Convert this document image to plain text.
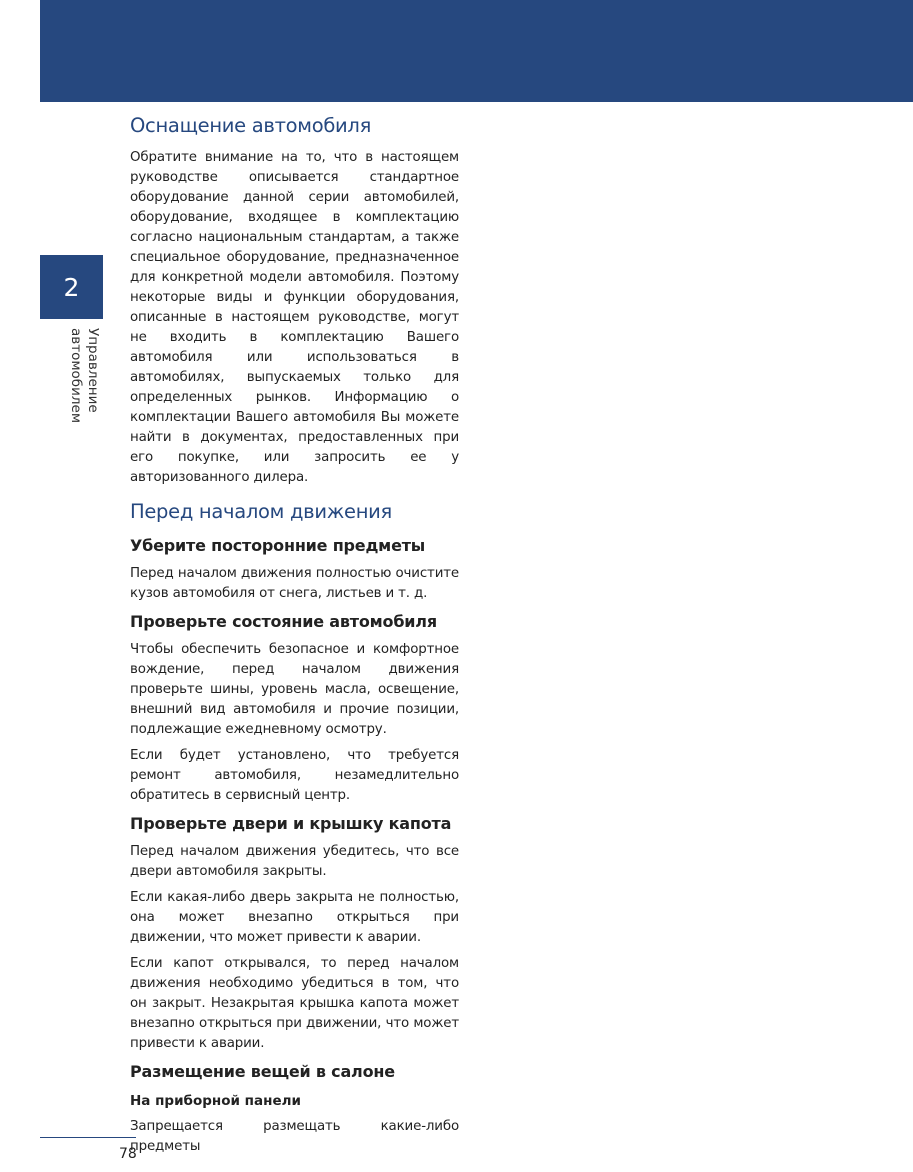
2
Управление
автомобилем
Оснащение автомобиля

Обратите внимание на то, что в настоящем руководстве описывается стандартное оборудование данной серии автомобилей, оборудование, входящее в комплектацию согласно национальным стандартам, а также специальное оборудование, предназначенное для конкретной модели автомобиля. Поэтому некоторые виды и функции оборудования, описанные в настоящем руководстве, могут не входить в комплектацию Вашего автомобиля или использоваться в автомобилях, выпускаемых только для определенных рынков. Информацию о комплектации Вашего автомобиля Вы можете найти в документах, предоставленных при его покупке, или запросить ее у авторизованного дилера.

Перед началом движения
Уберите посторонние предметы

Перед началом движения полностью очистите кузов автомобиля от снега, листьев и т. д.

Проверьте состояние автомобиля

Чтобы обеспечить безопасное и комфортное вождение, перед началом движения проверьте шины, уровень масла, освещение, внешний вид автомобиля и прочие позиции, подлежащие ежедневному осмотру.

Если будет установлено, что требуется ремонт автомобиля, незамедлительно обратитесь в сервисный центр.

Проверьте двери и крышку капота

Перед началом движения убедитесь, что все двери автомобиля закрыты.

Если какая-либо дверь закрыта не полностью, она может внезапно открыться при движении, что может привести к аварии.

Если капот открывался, то перед началом движения необходимо убедиться в том, что он закрыт. Незакрытая крышка капота может внезапно открыться при движении, что может привести к аварии.

Размещение вещей в салоне
На приборной панели

Запрещается размещать какие-либо предметы

78
